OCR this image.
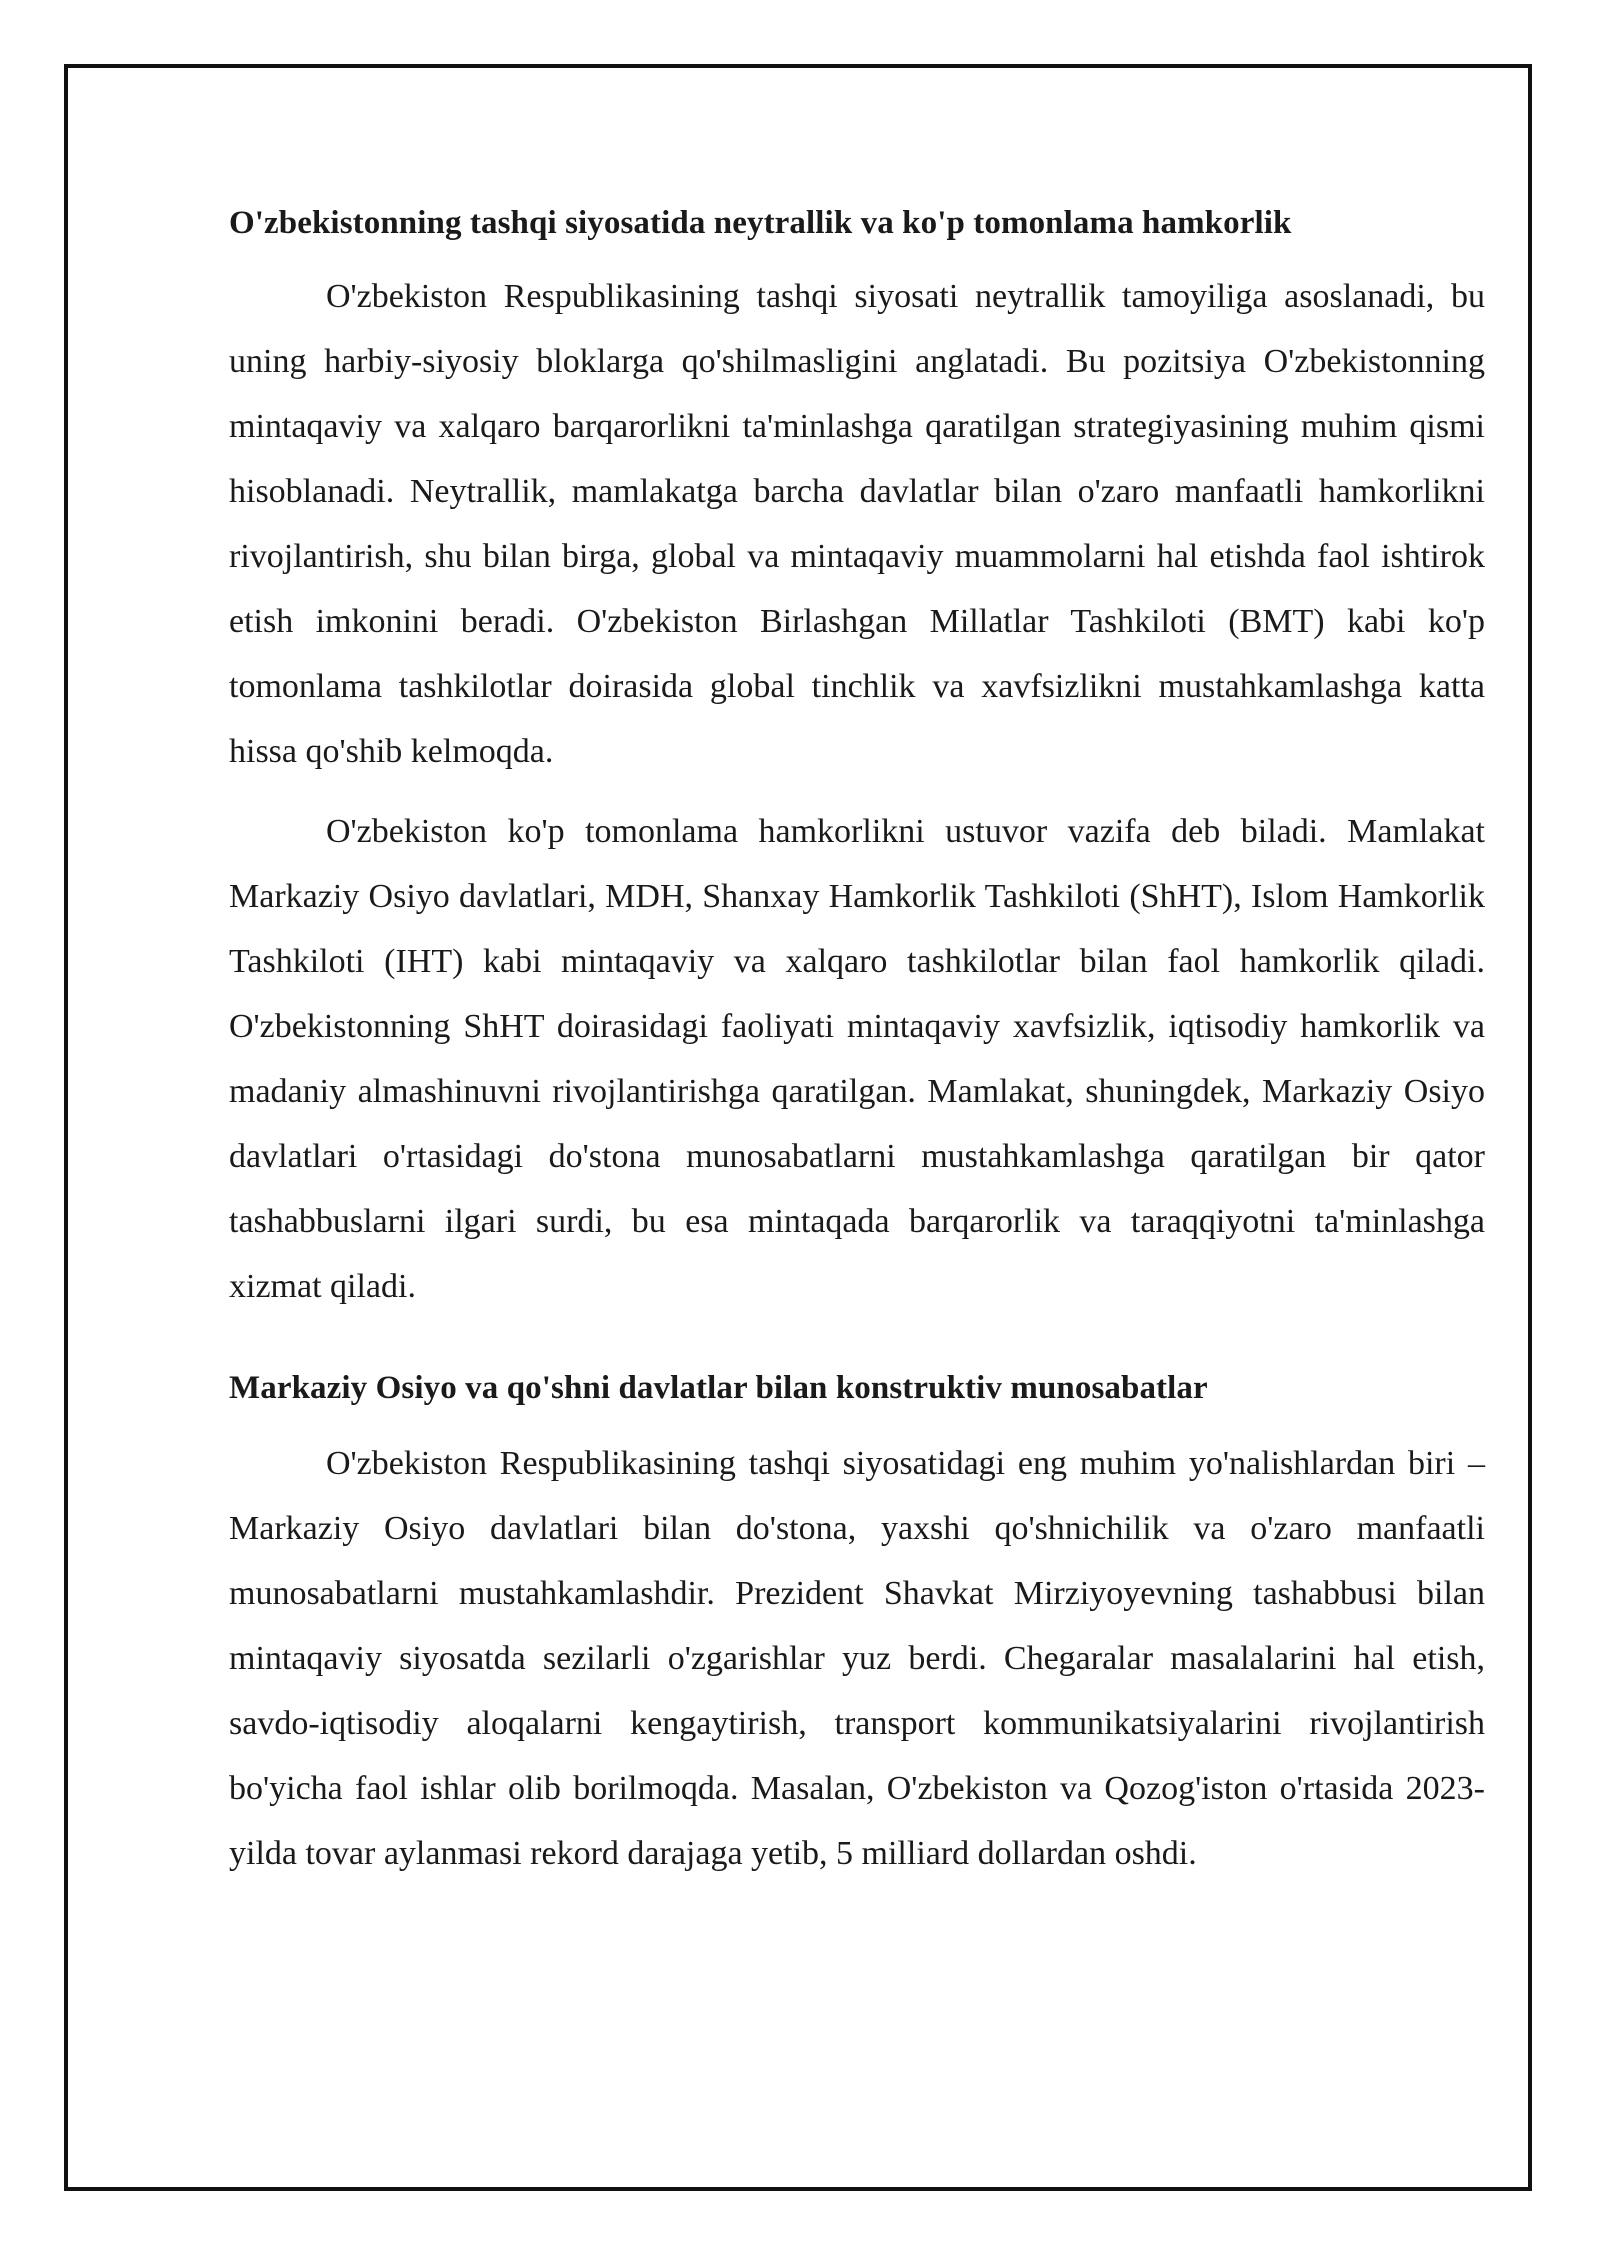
O'zbekistonning tashqi siyosatida neytrallik va ko'p tomonlama hamkorlik

O'zbekiston Respublikasining tashqi siyosati neytrallik tamoyiliga asoslanadi, bu uning harbiy-siyosiy bloklarga qo'shilmasligini anglatadi. Bu pozitsiya O'zbekistonning mintaqaviy va xalqaro barqarorlikni ta'minlashga qaratilgan strategiyasining muhim qismi hisoblanadi. Neytrallik, mamlakatga barcha davlatlar bilan o'zaro manfaatli hamkorlikni rivojlantirish, shu bilan birga, global va mintaqaviy muammolarni hal etishda faol ishtirok etish imkonini beradi. O'zbekiston Birlashgan Millatlar Tashkiloti (BMT) kabi ko'p tomonlama tashkilotlar doirasida global tinchlik va xavfsizlikni mustahkamlashga katta hissa qo'shib kelmoqda.

O'zbekiston ko'p tomonlama hamkorlikni ustuvor vazifa deb biladi. Mamlakat Markaziy Osiyo davlatlari, MDH, Shanxay Hamkorlik Tashkiloti (ShHT), Islom Hamkorlik Tashkiloti (IHT) kabi mintaqaviy va xalqaro tashkilotlar bilan faol hamkorlik qiladi. O'zbekistonning ShHT doirasidagi faoliyati mintaqaviy xavfsizlik, iqtisodiy hamkorlik va madaniy almashinuvni rivojlantirishga qaratilgan. Mamlakat, shuningdek, Markaziy Osiyo davlatlari o'rtasidagi do'stona munosabatlarni mustahkamlashga qaratilgan bir qator tashabbuslarni ilgari surdi, bu esa mintaqada barqarorlik va taraqqiyotni ta'minlashga xizmat qiladi.

Markaziy Osiyo va qo'shni davlatlar bilan konstruktiv munosabatlar

O'zbekiston Respublikasining tashqi siyosatidagi eng muhim yo'nalishlardan biri – Markaziy Osiyo davlatlari bilan do'stona, yaxshi qo'shnichilik va o'zaro manfaatli munosabatlarni mustahkamlashdir. Prezident Shavkat Mirziyoyevning tashabbusi bilan mintaqaviy siyosatda sezilarli o'zgarishlar yuz berdi. Chegaralar masalalarini hal etish, savdo-iqtisodiy aloqalarni kengaytirish, transport kommunikatsiyalarini rivojlantirish bo'yicha faol ishlar olib borilmoqda. Masalan, O'zbekiston va Qozog'iston o'rtasida 2023-yilda tovar aylanmasi rekord darajaga yetib, 5 milliard dollardan oshdi.
